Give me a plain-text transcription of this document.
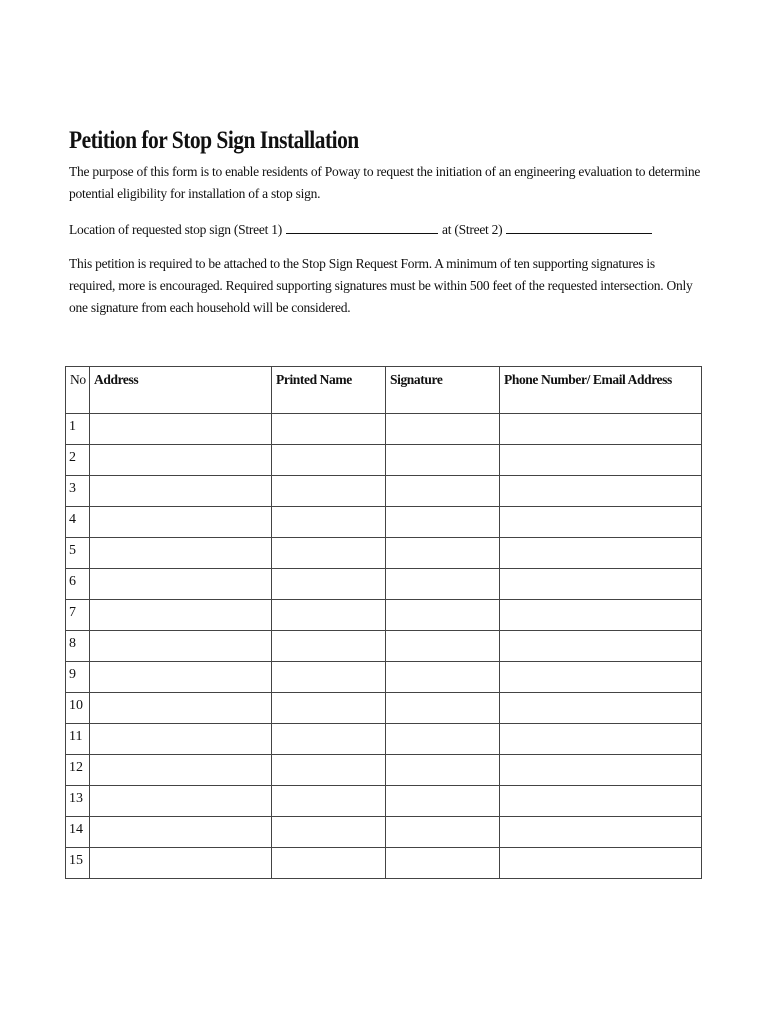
Petition for Stop Sign Installation

The purpose of this form is to enable residents of Poway to request the initiation of an engineering evaluation to determine potential eligibility for installation of a stop sign.

Location of requested stop sign (Street 1)	at (Street 2)

This petition is required to be attached to the Stop Sign Request Form. A minimum of ten supporting signatures is required, more is encouraged. Required supporting signatures must be within 500 feet of the requested intersection. Only one signature from each household will be considered.

No	Address	Printed Name	Signature	Phone Number/ Email Address
1				
2				
3				
4				
5				
6				
7				
8				
9				
10				
11				
12				
13				
14				
15				
